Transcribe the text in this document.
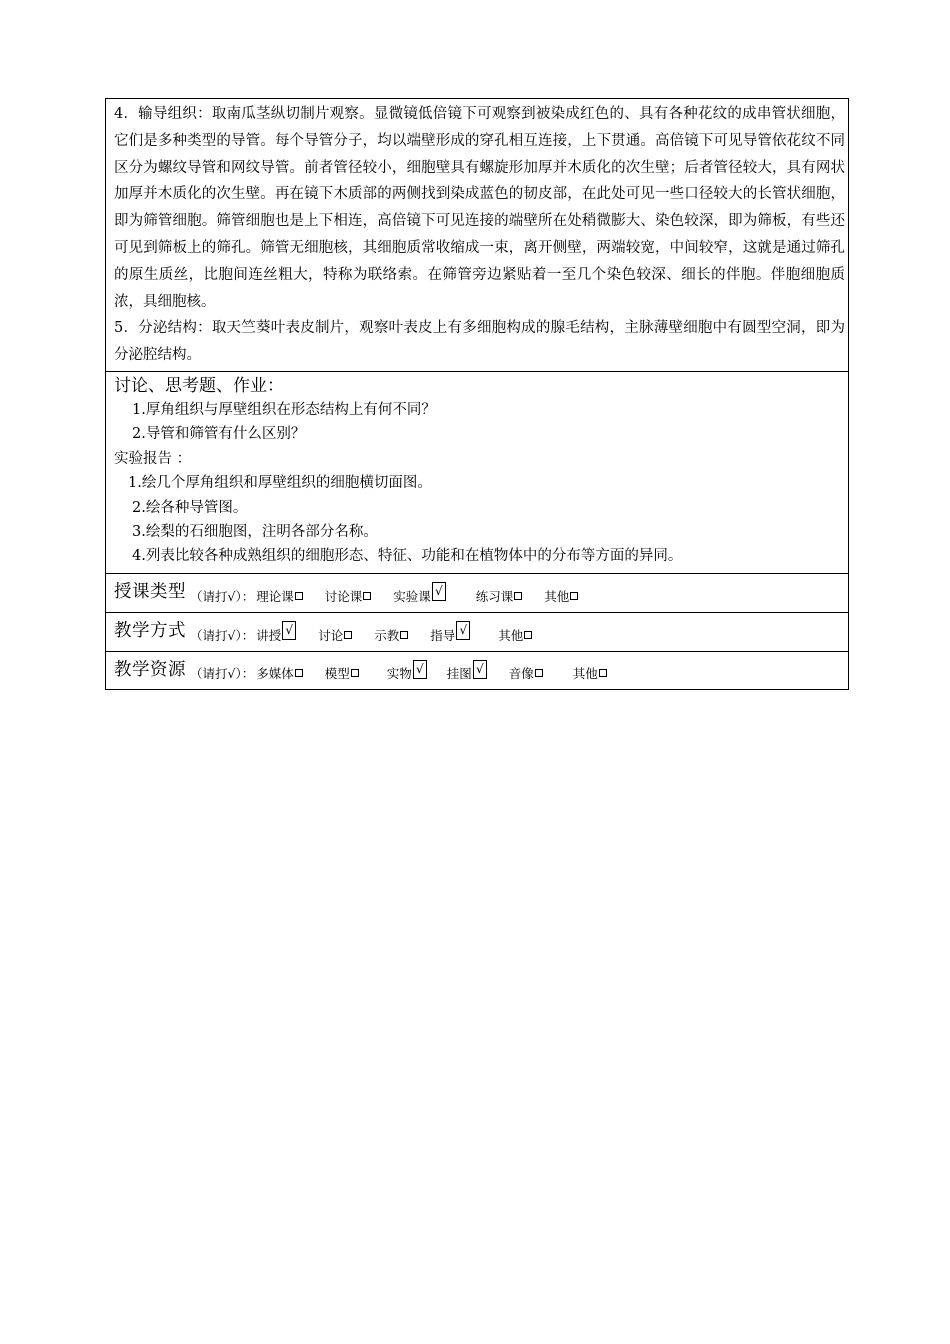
4．输导组织：取南瓜茎纵切制片观察。显微镜低倍镜下可观察到被染成红色的、具有各种花纹的成串管状细胞，它们是多种类型的导管。每个导管分子，均以端壁形成的穿孔相互连接，上下贯通。高倍镜下可见导管依花纹不同区分为螺纹导管和网纹导管。前者管径较小，细胞壁具有螺旋形加厚并木质化的次生壁；后者管径较大，具有网状加厚并木质化的次生壁。再在镜下木质部的两侧找到染成蓝色的韧皮部，在此处可见一些口径较大的长管状细胞，即为筛管细胞。筛管细胞也是上下相连，高倍镜下可见连接的端壁所在处稍微膨大、染色较深，即为筛板，有些还可见到筛板上的筛孔。筛管无细胞核，其细胞质常收缩成一束，离开侧壁，两端较宽，中间较窄，这就是通过筛孔的原生质丝，比胞间连丝粗大，特称为联络索。在筛管旁边紧贴着一至几个染色较深、细长的伴胞。伴胞细胞质浓，具细胞核。

5．分泌结构：取天竺葵叶表皮制片，观察叶表皮上有多细胞构成的腺毛结构，主脉薄壁细胞中有圆型空洞，即为分泌腔结构。

讨论、思考题、作业：
1.厚角组织与厚壁组织在形态结构上有何不同？
2.导管和筛管有什么区别？
实验报告 ：
1.绘几个厚角组织和厚壁组织的细胞横切面图。
2.绘各种导管图。
3.绘梨的石细胞图，注明各部分名称。
4.列表比较各种成熟组织的细胞形态、特征、功能和在植物体中的分布等方面的异同。
授课类型 （请打√）： 理论课 讨论课 实验课 √	练习课 其他
教学方式 （请打√）： 讲授 √ 讨论 示教 指导 √ 其他
教学资源 （请打√）： 多媒体 模型	实物 √ 挂图 √ 音像	其他
